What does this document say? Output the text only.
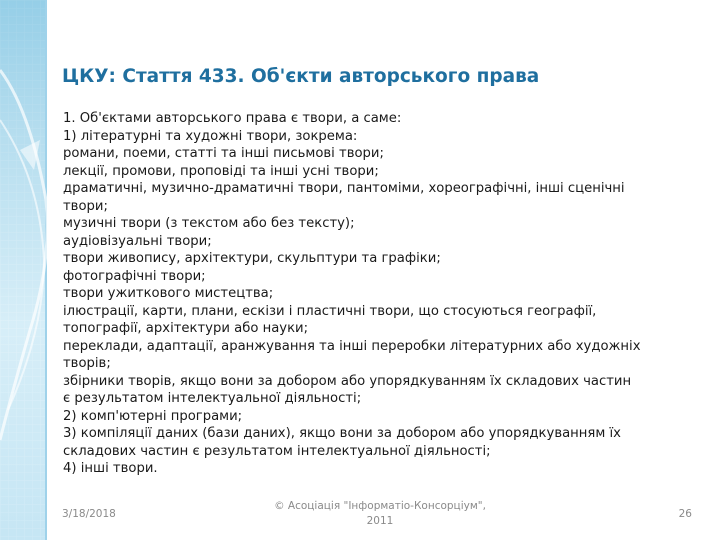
ЦКУ: Стаття 433. Об'єкти авторського права
1. Об'єктами авторського права є твори, а саме:
1) літературні та художні твори, зокрема:
романи, поеми, статті та інші письмові твори;
лекції, промови, проповіді та інші усні твори;
драматичні, музично-драматичні твори, пантоміми, хореографічні, інші сценічні
твори;
музичні твори (з текстом або без тексту);
аудіовізуальні твори;
твори живопису, архітектури, скульптури та графіки;
фотографічні твори;
твори ужиткового мистецтва;
ілюстрації, карти, плани, ескізи і пластичні твори, що стосуються географії,
топографії, архітектури або науки;
переклади, адаптації, аранжування та інші переробки літературних або художніх
творів;
збірники творів, якщо вони за добором або упорядкуванням їх складових частин
є результатом інтелектуальної діяльності;
2) комп'ютерні програми;
3) компіляції даних (бази даних), якщо вони за добором або упорядкуванням їх
складових частин є результатом інтелектуальної діяльності;
4) інші твори.
3/18/2018
© Асоціація "Інформатіо-Консорціум",
2011
26
